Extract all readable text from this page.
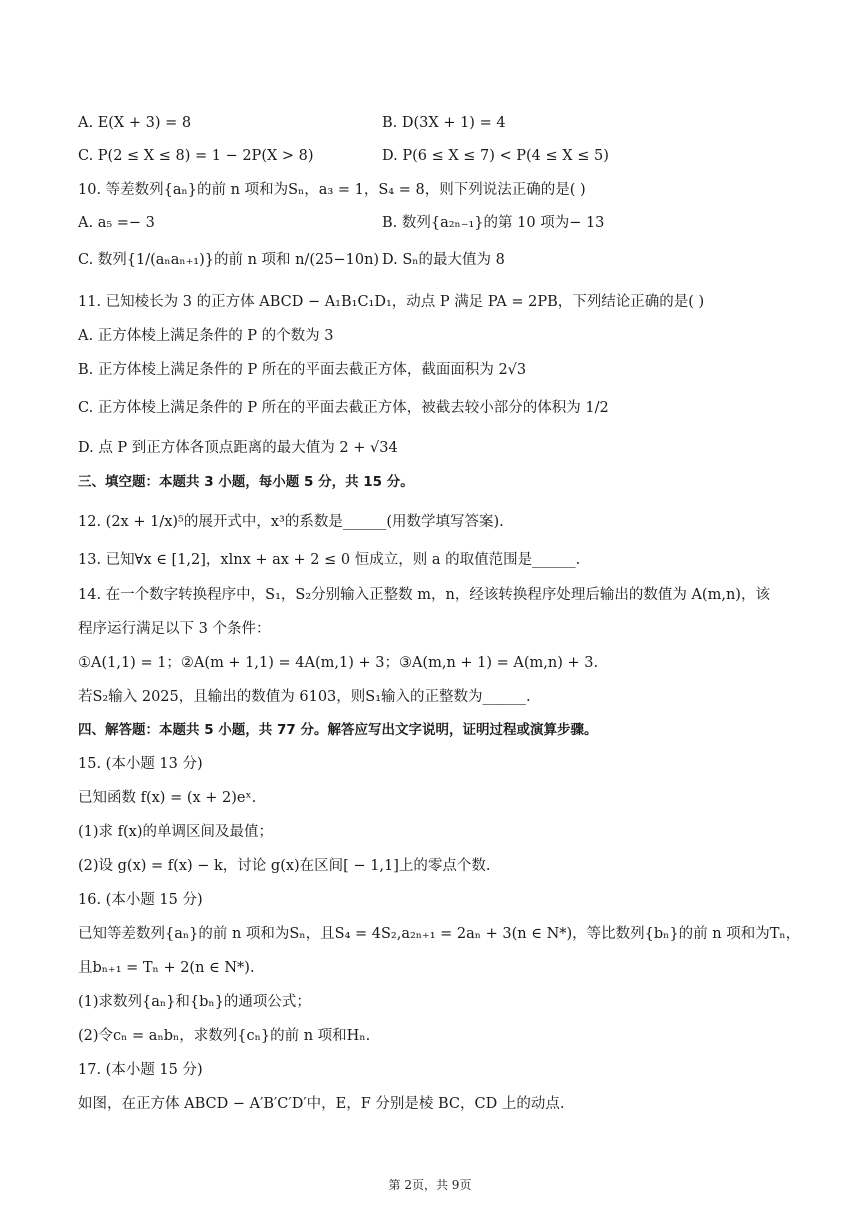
A. E(X + 3) = 8	B. D(3X + 1) = 4
C. P(2 ≤ X ≤ 8) = 1 − 2P(X > 8)	D. P(6 ≤ X ≤ 7) < P(4 ≤ X ≤ 5)
10. 等差数列{aₙ}的前 n 项和为Sₙ，a₃ = 1，S₄ = 8，则下列说法正确的是( )
A. a₅ =− 3	B. 数列{a₂ₙ₋₁}的第 10 项为− 13
C. 数列{1/(aₙaₙ₊₁)}的前 n 项和 n/(25−10n) D. Sₙ的最大值为 8
11. 已知棱长为 3 的正方体 ABCD − A₁B₁C₁D₁，动点 P 满足 PA = 2PB，下列结论正确的是( )
A. 正方体棱上满足条件的 P 的个数为 3
B. 正方体棱上满足条件的 P 所在的平面去截正方体，截面面积为 2√3
C. 正方体棱上满足条件的 P 所在的平面去截正方体，被截去较小部分的体积为 1/2
D. 点 P 到正方体各顶点距离的最大值为 2 + √34
三、填空题：本题共 3 小题，每小题 5 分，共 15 分。
12. (2x + 1/x)⁵的展开式中，x³的系数是______(用数学填写答案).
13. 已知∀x ∈ [1,2]，xlnx + ax + 2 ≤ 0 恒成立，则 a 的取值范围是______.
14. 在一个数字转换程序中，S₁，S₂分别输入正整数 m，n，经该转换程序处理后输出的数值为 A(m,n)，该
程序运行满足以下 3 个条件：
①A(1,1) = 1；②A(m + 1,1) = 4A(m,1) + 3；③A(m,n + 1) = A(m,n) + 3.
若S₂输入 2025，且输出的数值为 6103，则S₁输入的正整数为______.
四、解答题：本题共 5 小题，共 77 分。解答应写出文字说明，证明过程或演算步骤。
15. (本小题 13 分)
已知函数 f(x) = (x + 2)eˣ.
(1)求 f(x)的单调区间及最值；
(2)设 g(x) = f(x) − k，讨论 g(x)在区间[ − 1,1]上的零点个数.
16. (本小题 15 分)
已知等差数列{aₙ}的前 n 项和为Sₙ，且S₄ = 4S₂,a₂ₙ₊₁ = 2aₙ + 3(n ∈ N*)，等比数列{bₙ}的前 n 项和为Tₙ，
且bₙ₊₁ = Tₙ + 2(n ∈ N*).
(1)求数列{aₙ}和{bₙ}的通项公式；
(2)令cₙ = aₙbₙ，求数列{cₙ}的前 n 项和Hₙ.
17. (本小题 15 分)
如图，在正方体 ABCD − A′B′C′D′中，E，F 分别是棱 BC，CD 上的动点.
第 2页，共 9页
